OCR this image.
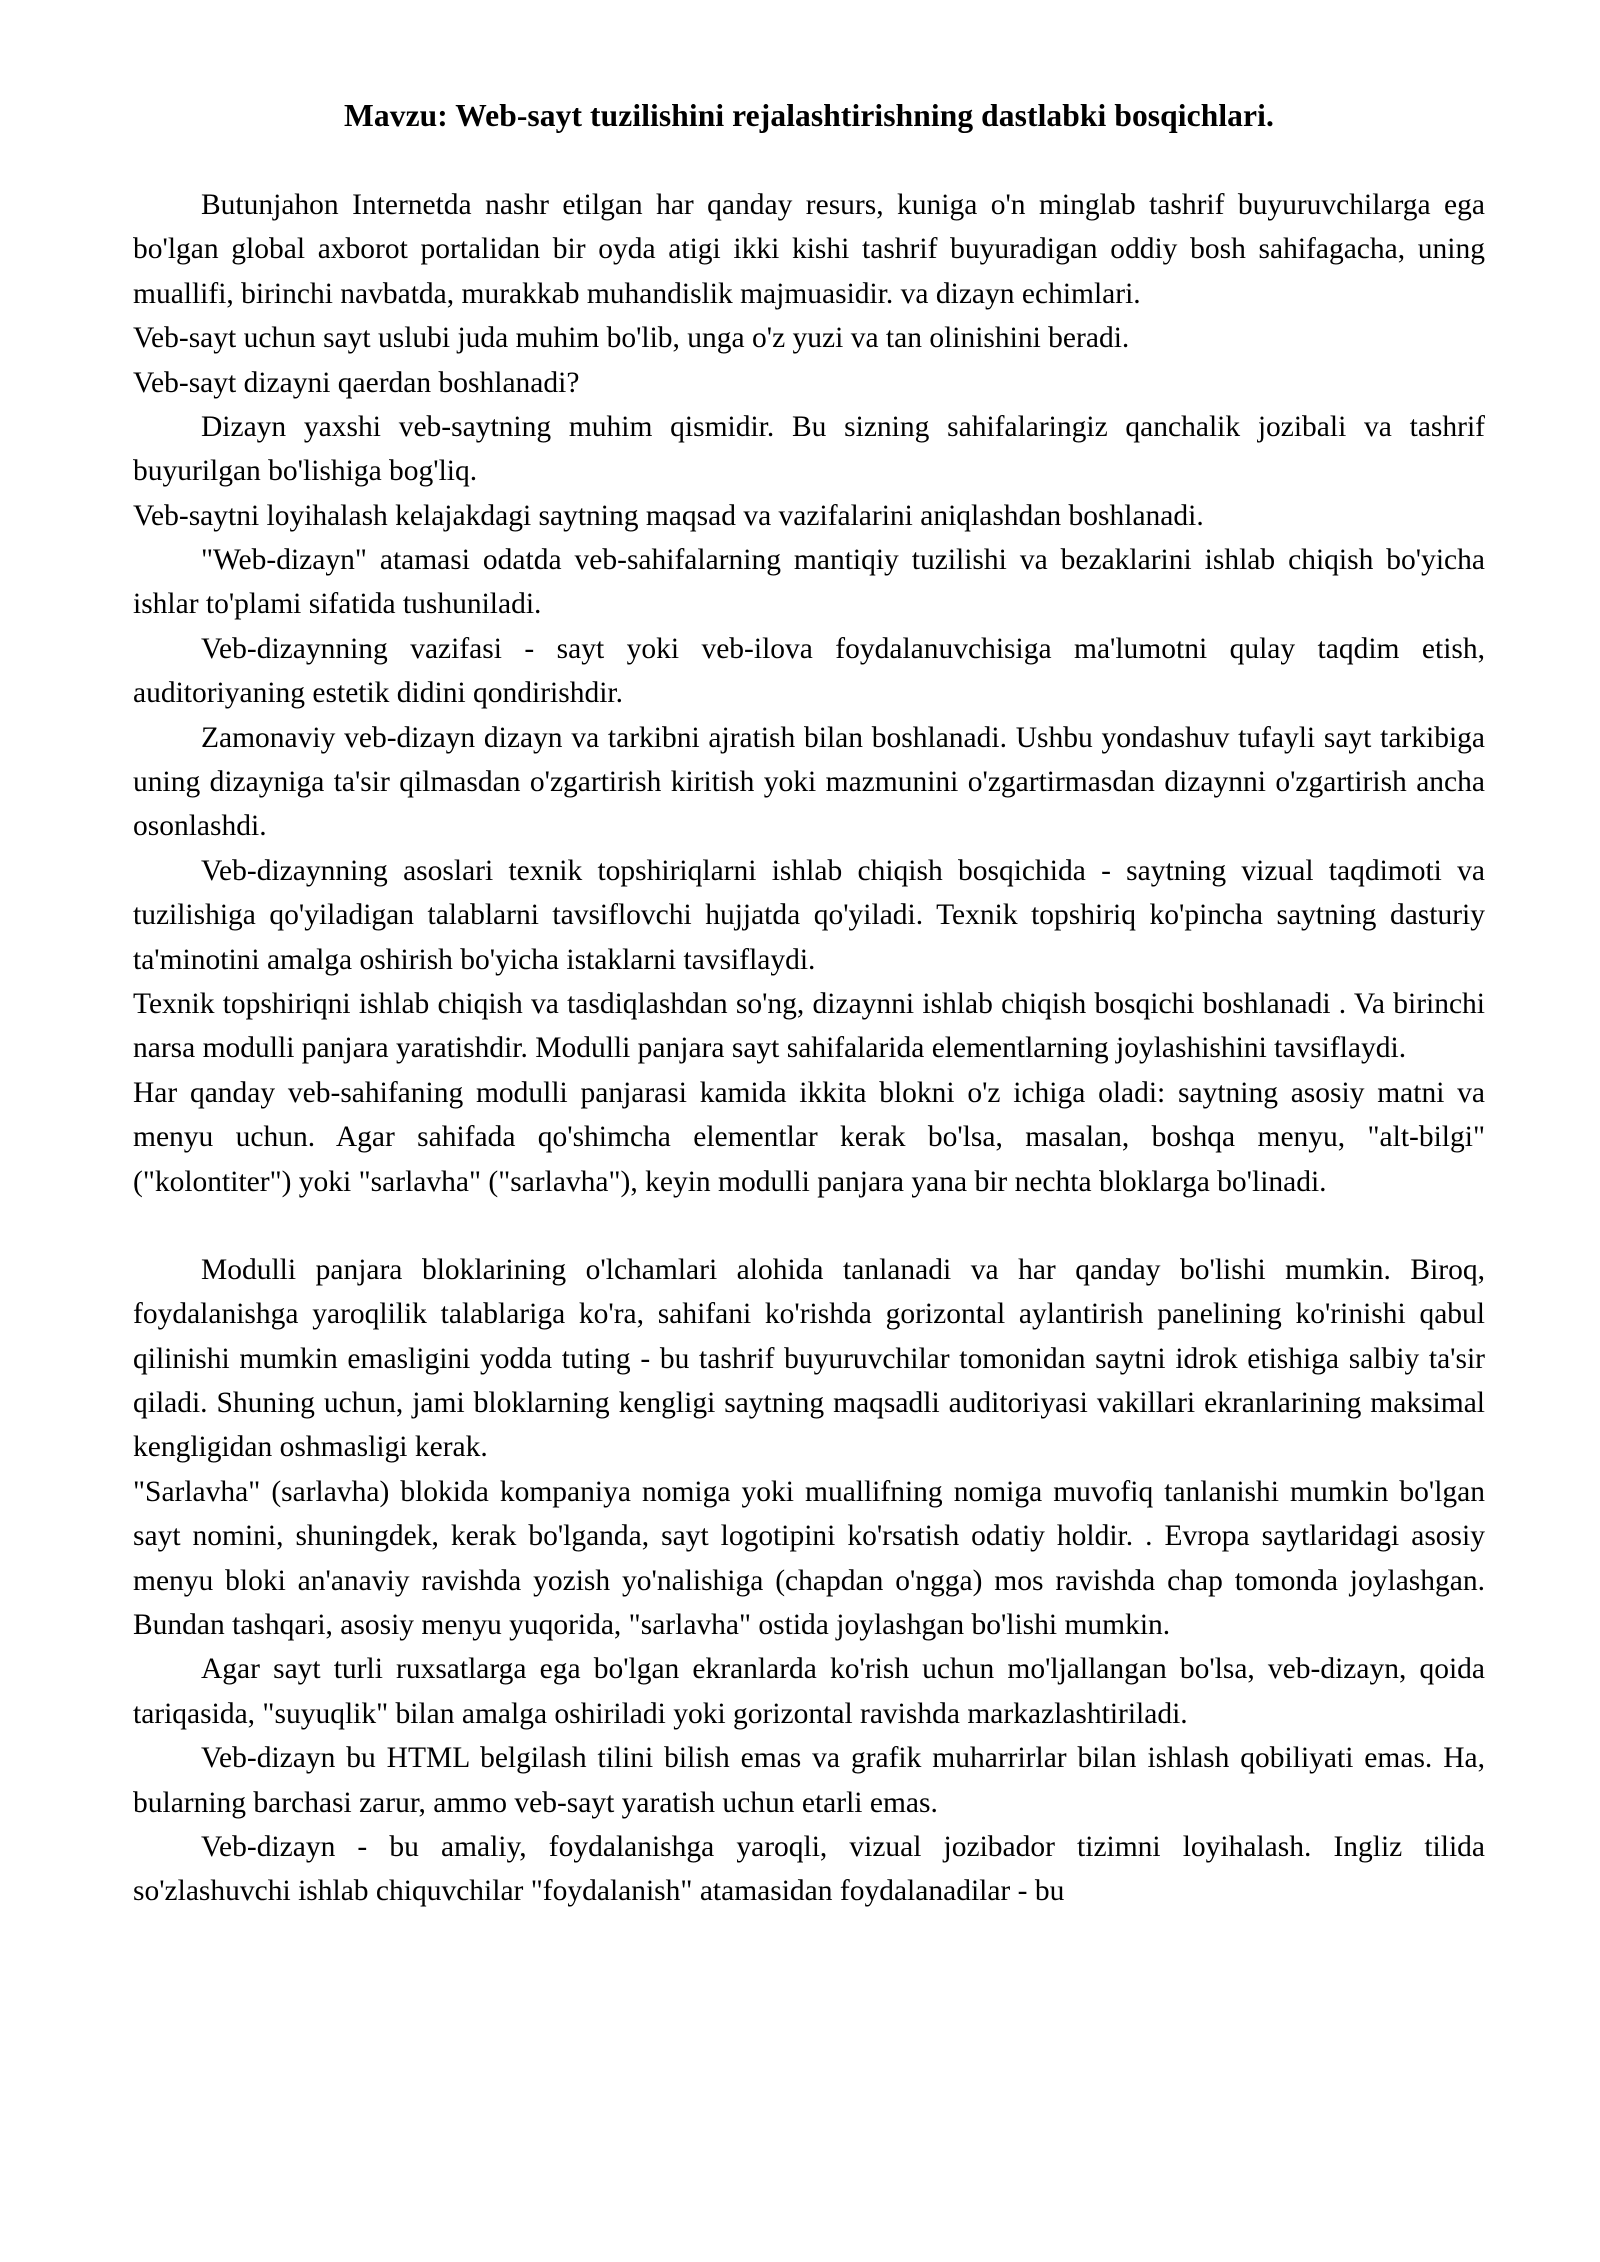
Mavzu: Web-sayt tuzilishini rejalashtirishning dastlabki bosqichlari.

Butunjahon Internetda nashr etilgan har qanday resurs, kuniga o'n minglab tashrif buyuruvchilarga ega bo'lgan global axborot portalidan bir oyda atigi ikki kishi tashrif buyuradigan oddiy bosh sahifagacha, uning muallifi, birinchi navbatda, murakkab muhandislik majmuasidir. va dizayn echimlari.

Veb-sayt uchun sayt uslubi juda muhim bo'lib, unga o'z yuzi va tan olinishini beradi.

Veb-sayt dizayni qaerdan boshlanadi?

Dizayn yaxshi veb-saytning muhim qismidir. Bu sizning sahifalaringiz qanchalik jozibali va tashrif buyurilgan bo'lishiga bog'liq.

Veb-saytni loyihalash kelajakdagi saytning maqsad va vazifalarini aniqlashdan boshlanadi.

"Web-dizayn" atamasi odatda veb-sahifalarning mantiqiy tuzilishi va bezaklarini ishlab chiqish bo'yicha ishlar to'plami sifatida tushuniladi.

Veb-dizaynning vazifasi - sayt yoki veb-ilova foydalanuvchisiga ma'lumotni qulay taqdim etish, auditoriyaning estetik didini qondirishdir.

Zamonaviy veb-dizayn dizayn va tarkibni ajratish bilan boshlanadi. Ushbu yondashuv tufayli sayt tarkibiga uning dizayniga ta'sir qilmasdan o'zgartirish kiritish yoki mazmunini o'zgartirmasdan dizaynni o'zgartirish ancha osonlashdi.

Veb-dizaynning asoslari texnik topshiriqlarni ishlab chiqish bosqichida - saytning vizual taqdimoti va tuzilishiga qo'yiladigan talablarni tavsiflovchi hujjatda qo'yiladi. Texnik topshiriq ko'pincha saytning dasturiy ta'minotini amalga oshirish bo'yicha istaklarni tavsiflaydi.

Texnik topshiriqni ishlab chiqish va tasdiqlashdan so'ng, dizaynni ishlab chiqish bosqichi boshlanadi . Va birinchi narsa modulli panjara yaratishdir. Modulli panjara sayt sahifalarida elementlarning joylashishini tavsiflaydi.

Har qanday veb-sahifaning modulli panjarasi kamida ikkita blokni o'z ichiga oladi: saytning asosiy matni va menyu uchun. Agar sahifada qo'shimcha elementlar kerak bo'lsa, masalan, boshqa menyu, "alt-bilgi" ("kolontiter") yoki "sarlavha" ("sarlavha"), keyin modulli panjara yana bir nechta bloklarga bo'linadi.

Modulli panjara bloklarining o'lchamlari alohida tanlanadi va har qanday bo'lishi mumkin. Biroq, foydalanishga yaroqlilik talablariga ko'ra, sahifani ko'rishda gorizontal aylantirish panelining ko'rinishi qabul qilinishi mumkin emasligini yodda tuting - bu tashrif buyuruvchilar tomonidan saytni idrok etishiga salbiy ta'sir qiladi. Shuning uchun, jami bloklarning kengligi saytning maqsadli auditoriyasi vakillari ekranlarining maksimal kengligidan oshmasligi kerak.

"Sarlavha" (sarlavha) blokida kompaniya nomiga yoki muallifning nomiga muvofiq tanlanishi mumkin bo'lgan sayt nomini, shuningdek, kerak bo'lganda, sayt logotipini ko'rsatish odatiy holdir. . Evropa saytlaridagi asosiy menyu bloki an'anaviy ravishda yozish yo'nalishiga (chapdan o'ngga) mos ravishda chap tomonda joylashgan. Bundan tashqari, asosiy menyu yuqorida, "sarlavha" ostida joylashgan bo'lishi mumkin.

Agar sayt turli ruxsatlarga ega bo'lgan ekranlarda ko'rish uchun mo'ljallangan bo'lsa, veb-dizayn, qoida tariqasida, "suyuqlik" bilan amalga oshiriladi yoki gorizontal ravishda markazlashtiriladi.

Veb-dizayn bu HTML belgilash tilini bilish emas va grafik muharrirlar bilan ishlash qobiliyati emas. Ha, bularning barchasi zarur, ammo veb-sayt yaratish uchun etarli emas.

Veb-dizayn - bu amaliy, foydalanishga yaroqli, vizual jozibador tizimni loyihalash. Ingliz tilida so'zlashuvchi ishlab chiquvchilar "foydalanish" atamasidan foydalanadilar - bu
